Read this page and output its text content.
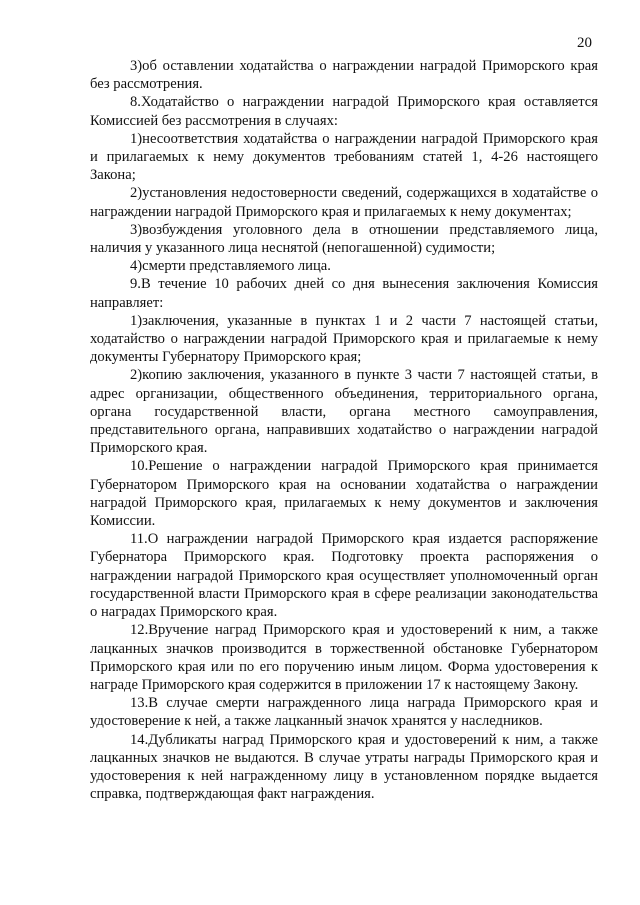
20

3)об оставлении ходатайства о награждении наградой Приморского края без рассмотрения.

8.Ходатайство о награждении наградой Приморского края оставляется Комиссией без рассмотрения в случаях:

1)несоответствия ходатайства о награждении наградой Приморского края и прилагаемых к нему документов требованиям статей 1, 4-26 настоящего Закона;

2)установления недостоверности сведений, содержащихся в ходатайстве о награждении наградой Приморского края и прилагаемых к нему документах;

3)возбуждения уголовного дела в отношении представляемого лица, наличия у указанного лица неснятой (непогашенной) судимости;

4)смерти представляемого лица.

9.В течение 10 рабочих дней со дня вынесения заключения Комиссия направляет:

1)заключения, указанные в пунктах 1 и 2 части 7 настоящей статьи, ходатайство о награждении наградой Приморского края и прилагаемые к нему документы Губернатору Приморского края;

2)копию заключения, указанного в пункте 3 части 7 настоящей статьи, в адрес организации, общественного объединения, территориального органа, органа государственной власти, органа местного самоуправления, представительного органа, направивших ходатайство о награждении наградой Приморского края.

10.Решение о награждении наградой Приморского края принимается Губернатором Приморского края на основании ходатайства о награждении наградой Приморского края, прилагаемых к нему документов и заключения Комиссии.

11.О награждении наградой Приморского края издается распоряжение Губернатора Приморского края. Подготовку проекта распоряжения о награждении наградой Приморского края осуществляет уполномоченный орган государственной власти Приморского края в сфере реализации законодательства о наградах Приморского края.

12.Вручение наград Приморского края и удостоверений к ним, а также лацканных значков производится в торжественной обстановке Губернатором Приморского края или по его поручению иным лицом. Форма удостоверения к награде Приморского края содержится в приложении 17 к настоящему Закону.

13.В случае смерти награжденного лица награда Приморского края и удостоверение к ней, а также лацканный значок хранятся у наследников.

14.Дубликаты наград Приморского края и удостоверений к ним, а также лацканных значков не выдаются. В случае утраты награды Приморского края и удостоверения к ней награжденному лицу в установленном порядке выдается справка, подтверждающая факт награждения.
